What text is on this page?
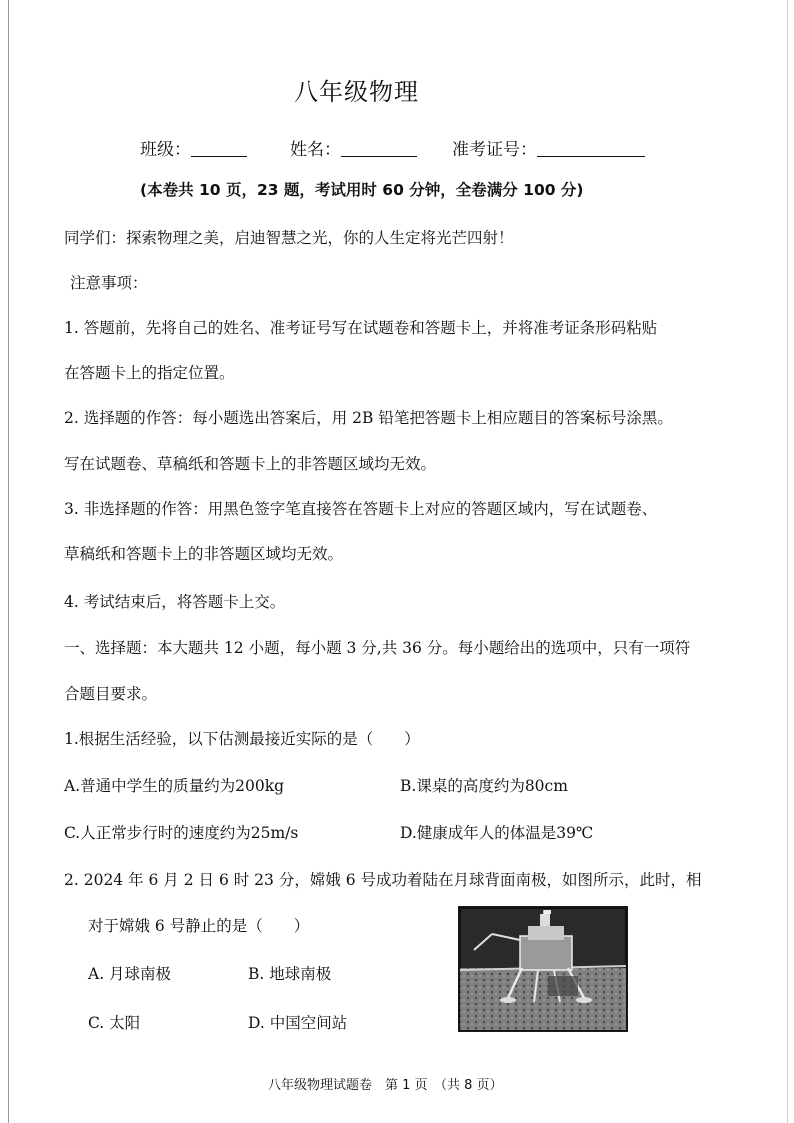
八年级物理
班级：	姓名：	准考证号：
(本卷共 10 页，23 题，考试用时 60 分钟，全卷满分 100 分)
同学们：探索物理之美，启迪智慧之光，你的人生定将光芒四射！
注意事项：
1. 答题前，先将自己的姓名、准考证号写在试题卷和答题卡上，并将准考证条形码粘贴
在答题卡上的指定位置。
2. 选择题的作答：每小题选出答案后，用 2B 铅笔把答题卡上相应题目的答案标号涂黑。
写在试题卷、草稿纸和答题卡上的非答题区域均无效。
3. 非选择题的作答：用黑色签字笔直接答在答题卡上对应的答题区域内，写在试题卷、
草稿纸和答题卡上的非答题区域均无效。
4. 考试结束后，将答题卡上交。
一、选择题：本大题共 12 小题，每小题 3 分,共 36 分。每小题给出的选项中，只有一项符
合题目要求。
1.根据生活经验，以下估测最接近实际的是（　　）
A.普通中学生的质量约为200kg	B.课桌的高度约为80cm
C.人正常步行时的速度约为25m/s	D.健康成年人的体温是39℃
2. 2024 年 6 月 2 日 6 时 23 分，嫦娥 6 号成功着陆在月球背面南极，如图所示，此时，相
对于嫦娥 6 号静止的是（　　）
A. 月球南极	B. 地球南极
C. 太阳	D. 中国空间站
八年级物理试题卷　第 1 页　（共 8 页）
